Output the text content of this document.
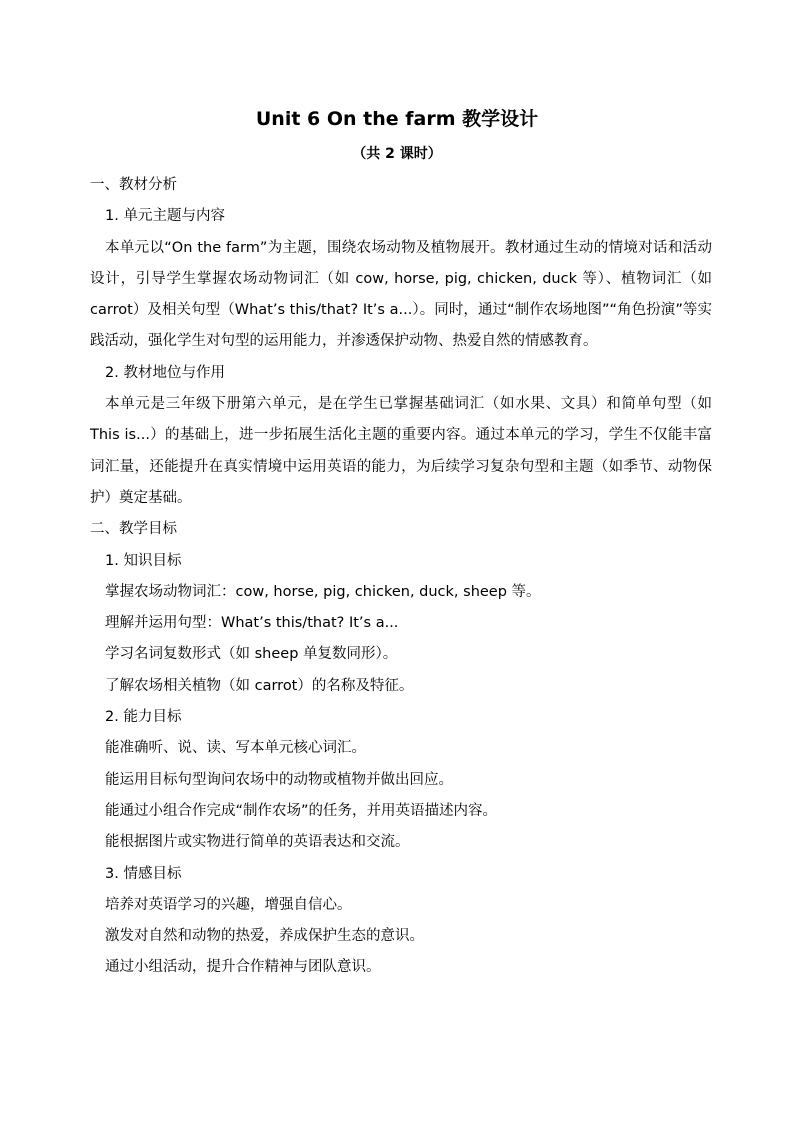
Unit 6 On the farm 教学设计
（共 2 课时）
一、教材分析
1. 单元主题与内容
本单元以“On the farm”为主题，围绕农场动物及植物展开。教材通过生动的情境对话和活动设计，引导学生掌握农场动物词汇（如 cow, horse, pig, chicken, duck 等）、植物词汇（如 carrot）及相关句型（What’s this/that? It’s a...）。同时，通过“制作农场地图”“角色扮演”等实践活动，强化学生对句型的运用能力，并渗透保护动物、热爱自然的情感教育。
2. 教材地位与作用
本单元是三年级下册第六单元，是在学生已掌握基础词汇（如水果、文具）和简单句型（如 This is...）的基础上，进一步拓展生活化主题的重要内容。通过本单元的学习，学生不仅能丰富词汇量，还能提升在真实情境中运用英语的能力，为后续学习复杂句型和主题（如季节、动物保护）奠定基础。
二、教学目标
1. 知识目标
掌握农场动物词汇：cow, horse, pig, chicken, duck, sheep 等。
理解并运用句型：What’s this/that? It’s a...
学习名词复数形式（如 sheep 单复数同形）。
了解农场相关植物（如 carrot）的名称及特征。
2. 能力目标
能准确听、说、读、写本单元核心词汇。
能运用目标句型询问农场中的动物或植物并做出回应。
能通过小组合作完成“制作农场”的任务，并用英语描述内容。
能根据图片或实物进行简单的英语表达和交流。
3. 情感目标
培养对英语学习的兴趣，增强自信心。
激发对自然和动物的热爱，养成保护生态的意识。
通过小组活动，提升合作精神与团队意识。
